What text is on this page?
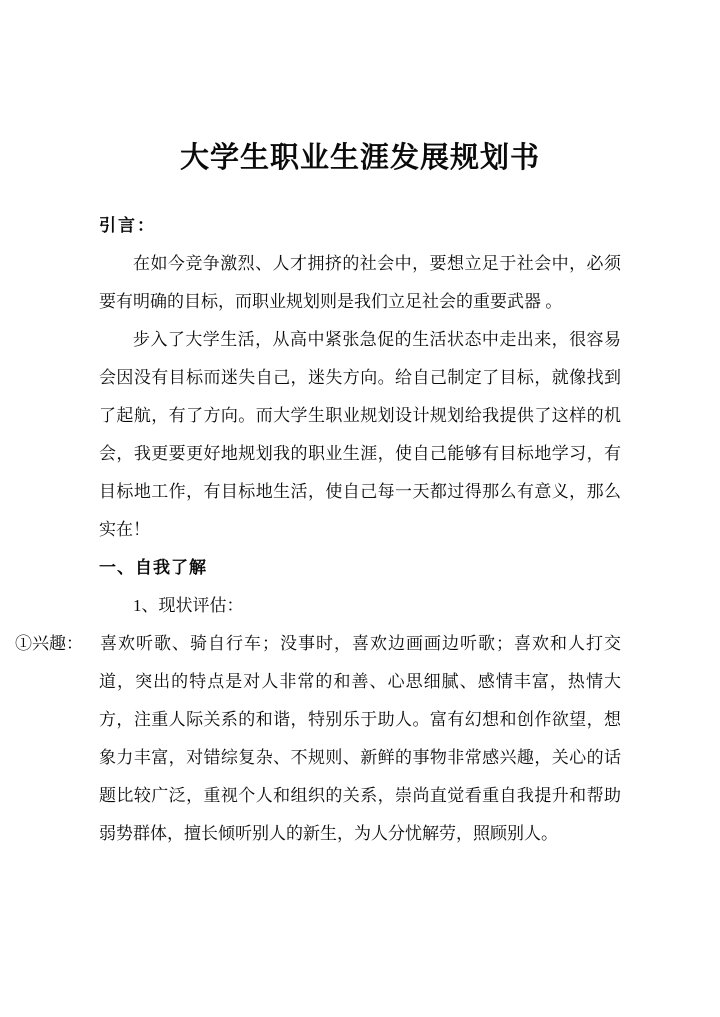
大学生职业生涯发展规划书
引言：

在如今竞争激烈、人才拥挤的社会中，要想立足于社会中，必须要有明确的目标，而职业规划则是我们立足社会的重要武器 。

步入了大学生活，从高中紧张急促的生活状态中走出来，很容易会因没有目标而迷失自己，迷失方向。给自己制定了目标，就像找到了起航，有了方向。而大学生职业规划设计规划给我提供了这样的机会，我更要更好地规划我的职业生涯，使自己能够有目标地学习，有目标地工作，有目标地生活，使自己每一天都过得那么有意义，那么实在！

一、自我了解

1、现状评估：

①兴趣： 喜欢听歌、骑自行车；没事时，喜欢边画画边听歌；喜欢和人打交道，突出的特点是对人非常的和善、心思细腻、感情丰富，热情大方，注重人际关系的和谐，特别乐于助人。富有幻想和创作欲望，想象力丰富，对错综复杂、不规则、新鲜的事物非常感兴趣，关心的话题比较广泛，重视个人和组织的关系，崇尚直觉看重自我提升和帮助弱势群体，擅长倾听别人的新生，为人分忧解劳，照顾别人。
